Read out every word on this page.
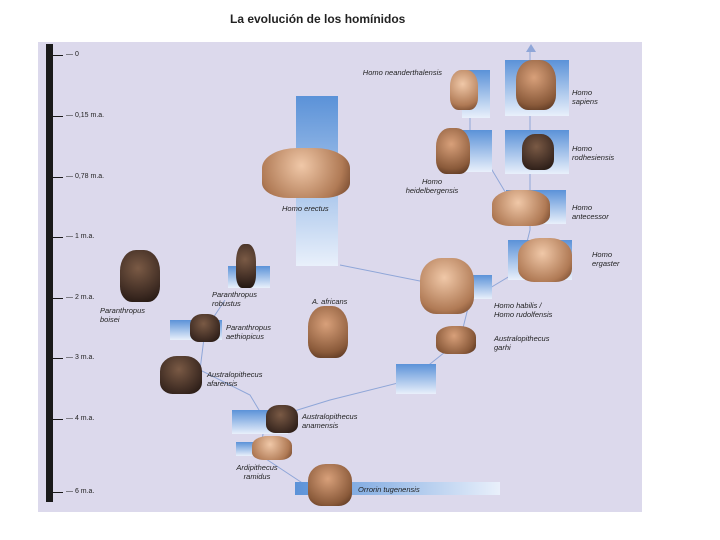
La evolución de los homínidos
— 0
— 0,15 m.a.
— 0,78 m.a.
— 1 m.a.
— 2 m.a.
— 3 m.a.
— 4 m.a.
— 6 m.a.
Homo neanderthalensis
Homo
sapiens
Homo
rodhesiensis
Homo
heidelbergensis
Homo erectus	Homo
antecessor
Homo
ergaster
Paranthropus
robustus
Paranthropus
boisei
A. africans	Homo habilis /
Homo rudolfensis
Paranthropus
aethiopicus	Australopithecus
garhi
Australopithecus
afarensis
Australopithecus
anamensis
Ardipithecus
ramidus
Orrorin tugenensis
